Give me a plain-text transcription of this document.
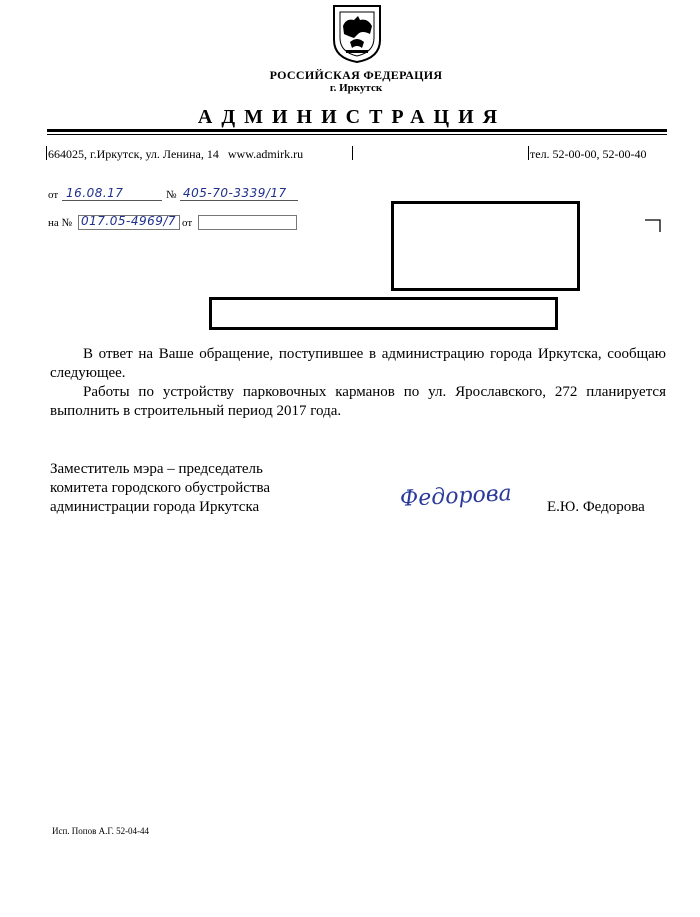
РОССИЙСКАЯ ФЕДЕРАЦИЯ
г. Иркутск
АДМИНИСТРАЦИЯ
664025, г.Иркутск, ул. Ленина, 14 www.admirk.ru	тел. 52-00-00, 52-00-40
от 16.08.17	№ 405-70-3339/17
на № 017.05-4969/7 от
В ответ на Ваше обращение, поступившее в администрацию города Иркутска, сообщаю следующее.
Работы по устройству парковочных карманов по ул. Ярославского, 272 планируется выполнить в строительный период 2017 года.
Заместитель мэра – председатель
комитета городского обустройства
администрации города Иркутска	Федорова Е.Ю. Федорова
Исп. Попов А.Г. 52-04-44
